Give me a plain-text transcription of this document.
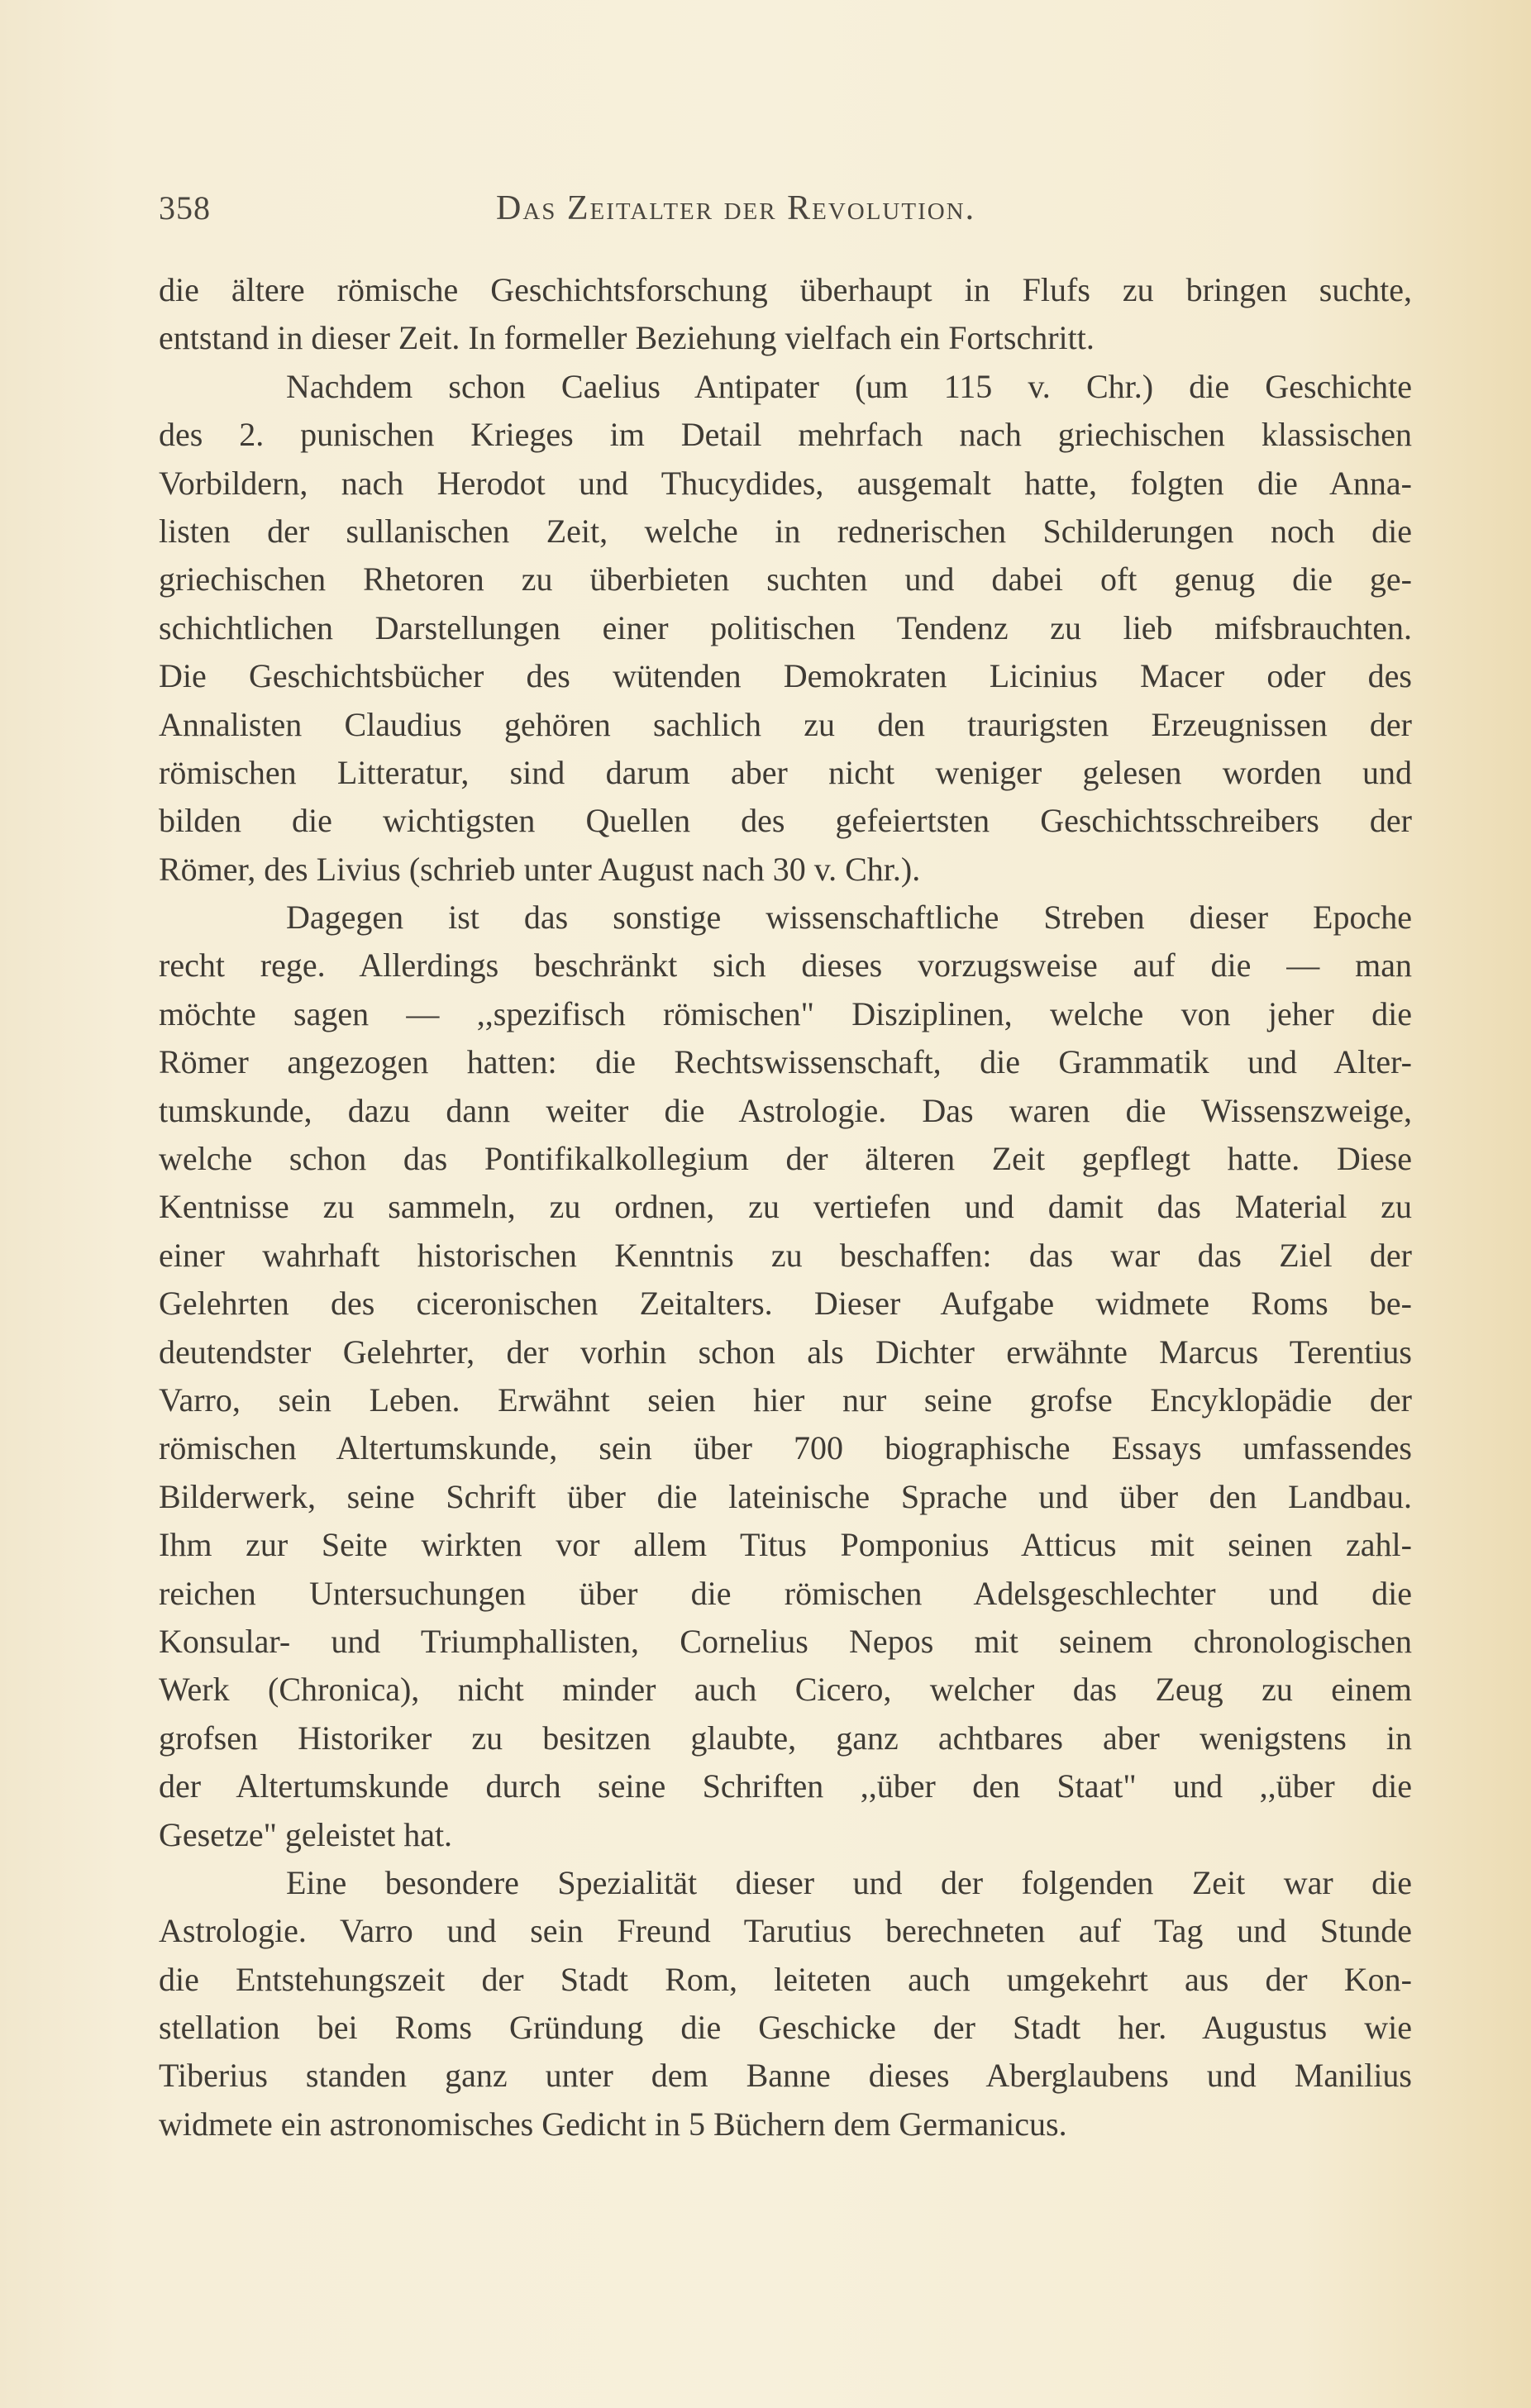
358	Das Zeitalter der Revolution.
die ältere römische Geschichtsforschung überhaupt in Flufs zu bringen suchte,
entstand in dieser Zeit. In formeller Beziehung vielfach ein Fortschritt.
Nachdem schon Caelius Antipater (um 115 v. Chr.) die Geschichte
des 2. punischen Krieges im Detail mehrfach nach griechischen klassischen
Vorbildern, nach Herodot und Thucydides, ausgemalt hatte, folgten die Anna-
listen der sullanischen Zeit, welche in rednerischen Schilderungen noch die
griechischen Rhetoren zu überbieten suchten und dabei oft genug die ge-
schichtlichen Darstellungen einer politischen Tendenz zu lieb mifsbrauchten.
Die Geschichtsbücher des wütenden Demokraten Licinius Macer oder des
Annalisten Claudius gehören sachlich zu den traurigsten Erzeugnissen der
römischen Litteratur, sind darum aber nicht weniger gelesen worden und
bilden die wichtigsten Quellen des gefeiertsten Geschichtsschreibers der
Römer, des Livius (schrieb unter August nach 30 v. Chr.).
Dagegen ist das sonstige wissenschaftliche Streben dieser Epoche
recht rege. Allerdings beschränkt sich dieses vorzugsweise auf die — man
möchte sagen — ,,spezifisch römischen" Disziplinen, welche von jeher die
Römer angezogen hatten: die Rechtswissenschaft, die Grammatik und Alter-
tumskunde, dazu dann weiter die Astrologie. Das waren die Wissenszweige,
welche schon das Pontifikalkollegium der älteren Zeit gepflegt hatte. Diese
Kentnisse zu sammeln, zu ordnen, zu vertiefen und damit das Material zu
einer wahrhaft historischen Kenntnis zu beschaffen: das war das Ziel der
Gelehrten des ciceronischen Zeitalters. Dieser Aufgabe widmete Roms be-
deutendster Gelehrter, der vorhin schon als Dichter erwähnte Marcus Terentius
Varro, sein Leben. Erwähnt seien hier nur seine grofse Encyklopädie der
römischen Altertumskunde, sein über 700 biographische Essays umfassendes
Bilderwerk, seine Schrift über die lateinische Sprache und über den Landbau.
Ihm zur Seite wirkten vor allem Titus Pomponius Atticus mit seinen zahl-
reichen Untersuchungen über die römischen Adelsgeschlechter und die
Konsular- und Triumphallisten, Cornelius Nepos mit seinem chronologischen
Werk (Chronica), nicht minder auch Cicero, welcher das Zeug zu einem
grofsen Historiker zu besitzen glaubte, ganz achtbares aber wenigstens in
der Altertumskunde durch seine Schriften ,,über den Staat" und ,,über die
Gesetze" geleistet hat.
Eine besondere Spezialität dieser und der folgenden Zeit war die
Astrologie. Varro und sein Freund Tarutius berechneten auf Tag und Stunde
die Entstehungszeit der Stadt Rom, leiteten auch umgekehrt aus der Kon-
stellation bei Roms Gründung die Geschicke der Stadt her. Augustus wie
Tiberius standen ganz unter dem Banne dieses Aberglaubens und Manilius
widmete ein astronomisches Gedicht in 5 Büchern dem Germanicus.
